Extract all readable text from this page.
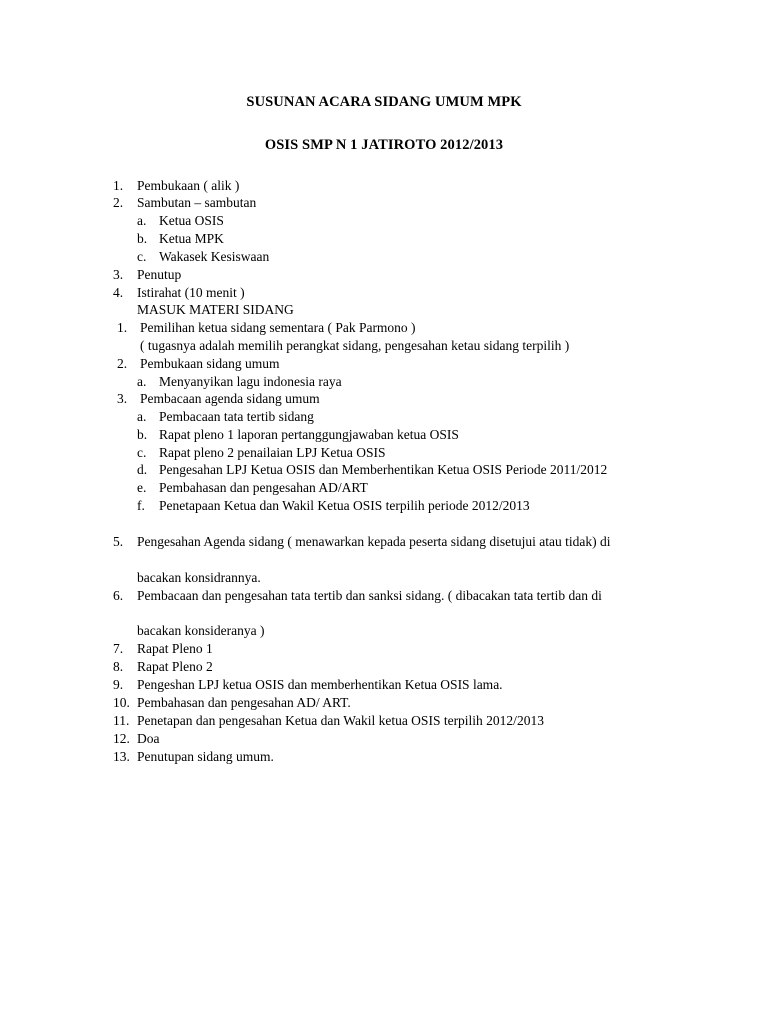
SUSUNAN ACARA SIDANG UMUM MPK
OSIS SMP N 1 JATIROTO 2012/2013
1. Pembukaan ( alik )
2. Sambutan – sambutan
a. Ketua OSIS
b. Ketua MPK
c. Wakasek Kesiswaan
3. Penutup
4. Istirahat (10 menit )
MASUK MATERI SIDANG
1. Pemilihan ketua sidang sementara ( Pak Parmono )
( tugasnya adalah memilih perangkat sidang, pengesahan ketau sidang terpilih )
2. Pembukaan sidang umum
a. Menyanyikan lagu indonesia raya
3. Pembacaan agenda sidang umum
a. Pembacaan tata tertib sidang
b. Rapat pleno 1 laporan pertanggungjawaban ketua OSIS
c. Rapat pleno 2 penailaian LPJ Ketua OSIS
d. Pengesahan LPJ Ketua OSIS dan Memberhentikan Ketua OSIS Periode 2011/2012
e. Pembahasan dan pengesahan AD/ART
f. Penetapaan Ketua dan Wakil Ketua OSIS terpilih periode 2012/2013
5. Pengesahan Agenda sidang ( menawarkan kepada peserta sidang disetujui atau tidak) di
bacakan konsidrannya.
6. Pembacaan dan pengesahan tata tertib dan sanksi sidang. ( dibacakan tata tertib dan di
bacakan konsideranya )
7. Rapat Pleno 1
8. Rapat Pleno 2
9. Pengeshan LPJ ketua OSIS dan memberhentikan Ketua OSIS lama.
10. Pembahasan dan pengesahan AD/ ART.
11. Penetapan dan pengesahan Ketua dan Wakil ketua OSIS terpilih 2012/2013
12. Doa
13. Penutupan sidang umum.
